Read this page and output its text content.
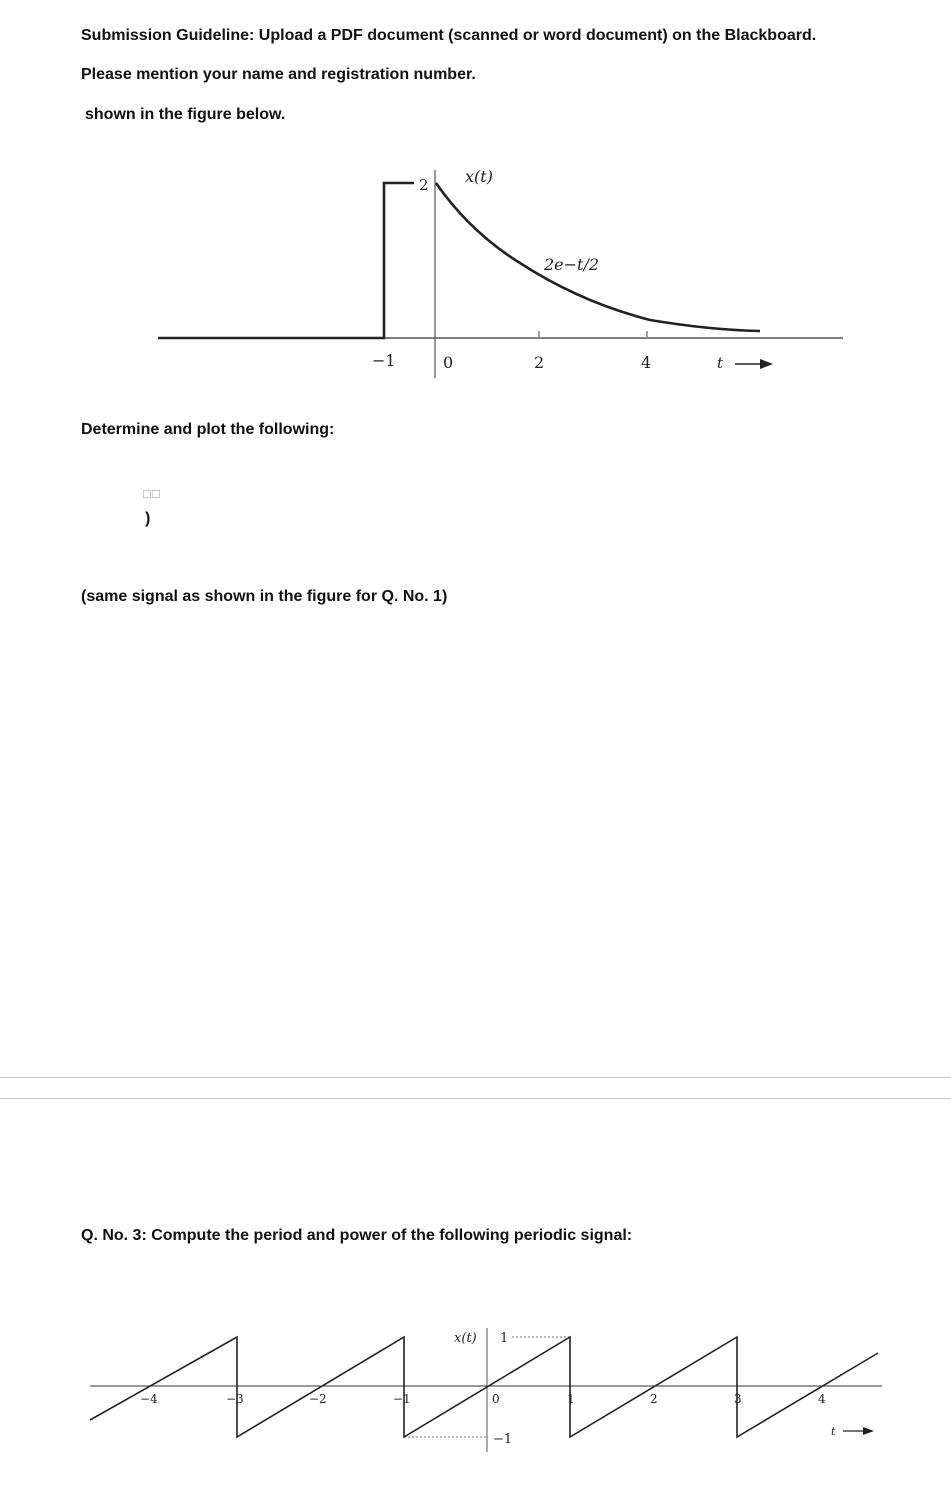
Submission Guideline: Upload a PDF document (scanned or word document) on the Blackboard.
Please mention your name and registration number.
shown in the figure below.
2 x(t)
2e−t/2
−1	0	2	4	t
Determine and plot the following:
□□
)
(same signal as shown in the figure for Q. No. 1)
Q. No. 3: Compute the period and power of the following periodic signal:
x(t) 1
−1
−4	−3	−2	−1	0	1	2	3	4
t
